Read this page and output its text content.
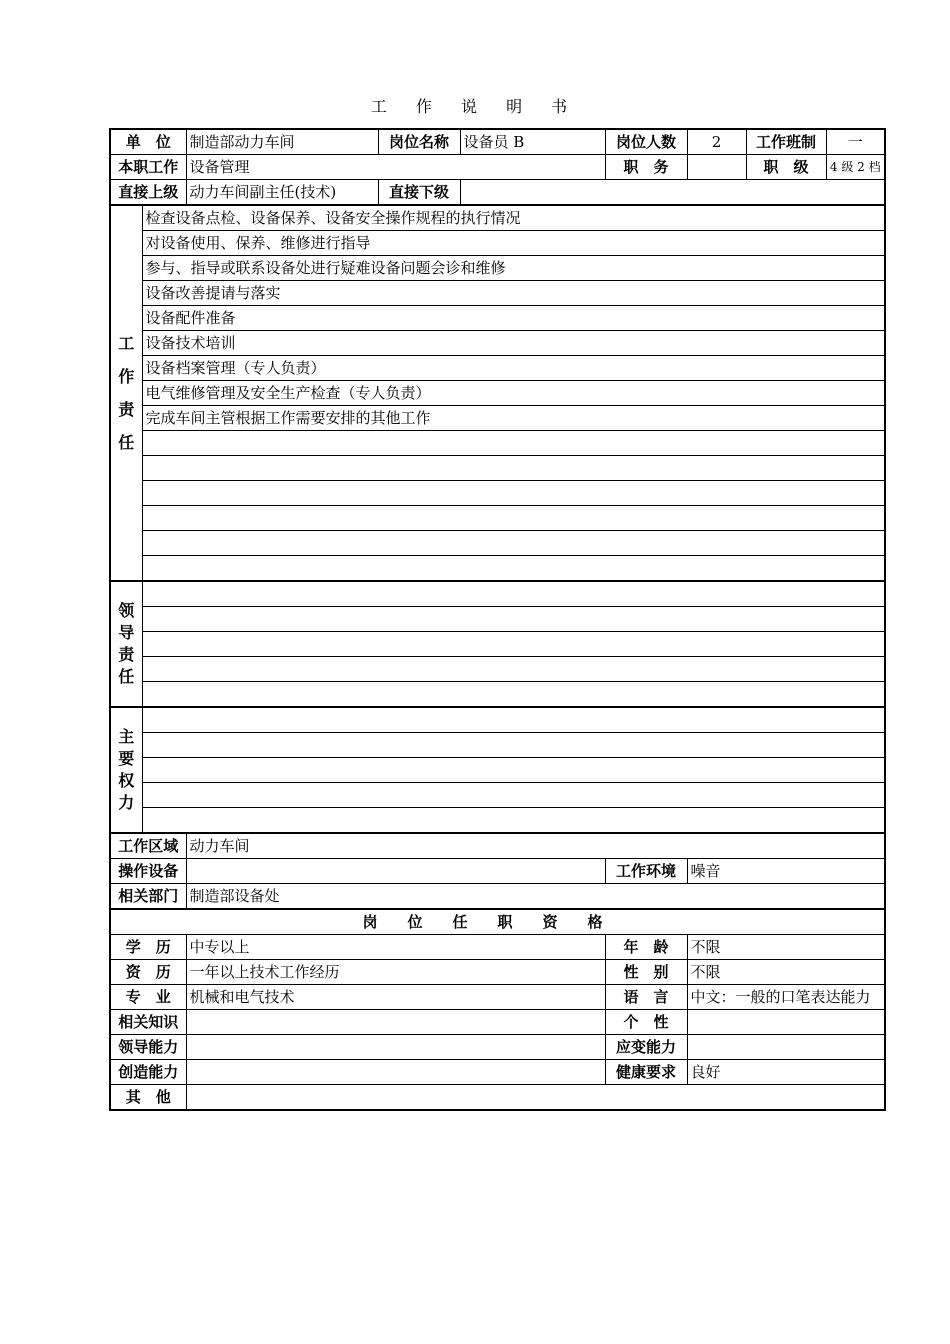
工 作 说 明 书
单　位		制造部动力车间	岗位名称	设备员 B	岗位人数	2	工作班制	一
本职工作		设备管理			职　务		职　级	4 级 2 档
直接上级		动力车间副主任(技术)	直接下级					

工
作
责
任	检查设备点检、设备保养、设备安全操作规程的执行情况							
	对设备使用、保养、维修进行指导							
	参与、指导或联系设备处进行疑难设备问题会诊和维修							
	设备改善提请与落实							
	设备配件准备							
	设备技术培训							
	设备档案管理（专人负责）							
	电气维修管理及安全生产检查（专人负责）							
	完成车间主管根据工作需要安排的其他工作							

领
导
责
任								

主
要
权
力								

工作区域		动力车间						
操作设备					工作环境	噪音		
相关部门		制造部设备处						
岗位任职资格								
学　历		中专以上			年　龄	不限		
资　历		一年以上技术工作经历			性　别	不限		
专　业		机械和电气技术			语　言	中文：一般的口笔表达能力		
相关知识					个　性			
领导能力					应变能力			
创造能力					健康要求	良好		
其　他								
